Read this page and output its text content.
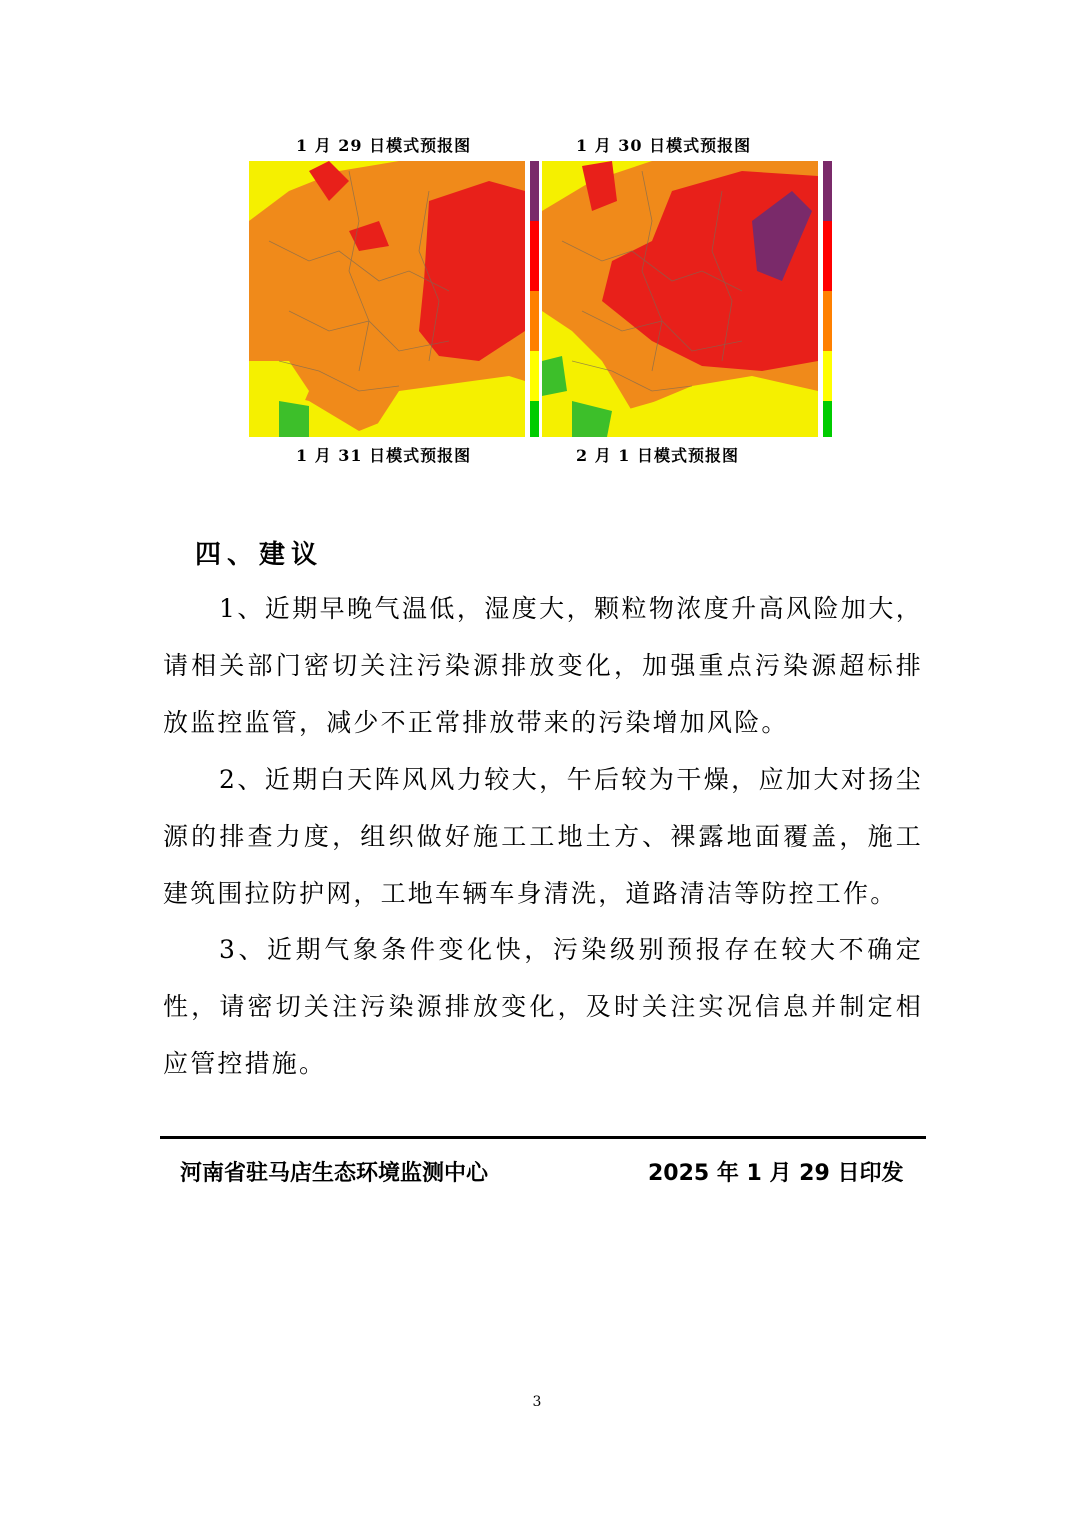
1 月 29 日模式预报图	1 月 30 日模式预报图
1 月 31 日模式预报图	2 月 1 日模式预报图
四、建议
1、近期早晚气温低，湿度大，颗粒物浓度升高风险加大，请相关部门密切关注污染源排放变化，加强重点污染源超标排放监控监管，减少不正常排放带来的污染增加风险。
2、近期白天阵风风力较大，午后较为干燥，应加大对扬尘源的排查力度，组织做好施工工地土方、裸露地面覆盖，施工建筑围拉防护网，工地车辆车身清洗，道路清洁等防控工作。
3、近期气象条件变化快，污染级别预报存在较大不确定性，请密切关注污染源排放变化，及时关注实况信息并制定相应管控措施。
河南省驻马店生态环境监测中心	2025 年 1 月 29 日印发
3
